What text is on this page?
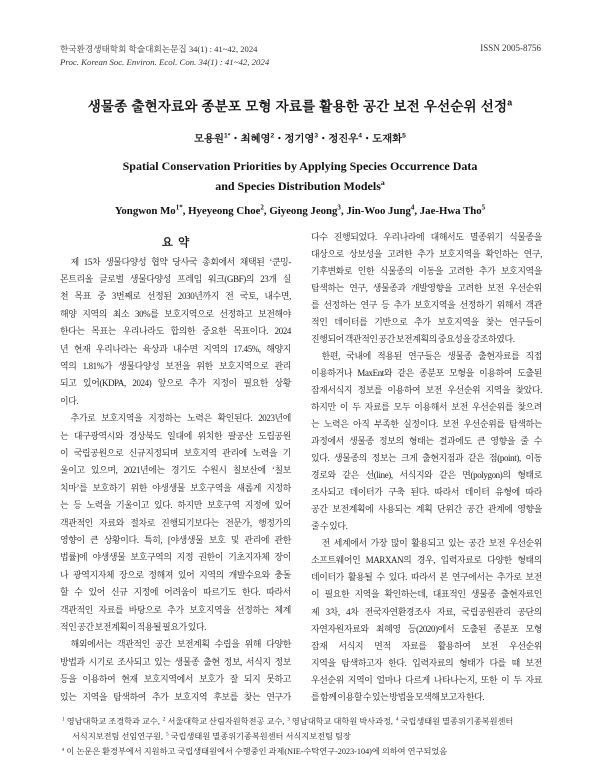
한국환경생태학회 학술대회논문집 34(1) : 41~42, 2024
Proc. Korean Soc. Environ. Ecol. Con. 34(1) : 41~42, 2024
ISSN 2005-8756
생물종 출현자료와 종분포 모형 자료를 활용한 공간 보전 우선순위 선정$^a$
모용원$^{1*}$・최혜영$^2$・정기영$^3$・정진우$^4$・도재화$^5$
Spatial Conservation Priorities by Applying Species Occurrence Data
and Species Distribution Models$^a$
Yongwon $Mo^{1*}$, Hyeyeong Choe$^2$, Giyeong Jeong$^3$, Jin-Woo Jung$^4$, Jae-Hwa Tho$^5$
요 약
제 15차 생물다양성 협약 당사국 총회에서 채택된 ‘쿤밍-
몬트리올 글로벌 생물다양성 프레임 워크(GBF)의 23개 실
천 목표 중 3번째로 선정된 2030년까지 전 국토, 내수면,
해양 지역의 최소 30%를 보호지역으로 선정하고 보전해야
한다는 목표는 우리나라도 합의한 중요한 목표이다. 2024
년 현재 우리나라는 육상과 내수면 지역의 17.45%, 해양지
역의 1.81%가 생물다양성 보전을 위한 보호지역으로 관리
되고 있어(KDPA, 2024) 앞으로 추가 지정이 필요한 상황
이다.
추가로 보호지역을 지정하는 노력은 확인된다. 2023년에
는 대구광역시와 경상북도 일대에 위치한 팔공산 도립공원
이 국립공원으로 신규지정되며 보호지역 관리에 노력을 기
울이고 있으며, 2021년에는 경기도 수원시 칠보산에 ‘칠보
치마’를 보호하기 위한 야생생물 보호구역을 새롭게 지정하
는 등 노력을 기울이고 있다. 하지만 보호구역 지정에 있어
객관적인 자료와 절차로 진행되기보다는 전문가, 행정가의
영향이 큰 상황이다. 특히, [야생생물 보호 및 관리에 관한
법률]에 야생생물 보호구역의 지정 권한이 기초지자체 장이
나 광역지자체 장으로 정해져 있어 지역의 개발수요와 충돌
할 수 있어 신규 지정에 어려움이 따르기도 한다. 따라서
객관적인 자료를 바탕으로 추가 보호지역을 선정하는 체계
적인 공간 보전계획이 적용될 필요가 있다.
해외에서는 객관적인 공간 보전계획 수립을 위해 다양한
방법과 시기로 조사되고 있는 생물종 출현 정보, 서식지 정보
등을 이용하여 현재 보호지역에서 보호가 잘 되지 못하고
있는 지역을 탐색하여 추가 보호지역 후보를 찾는 연구가
다수 진행되었다. 우리나라에 대해서도 멸종위기 식물종을
대상으로 상보성을 고려한 추가 보호지역을 확인하는 연구,
기후변화로 인한 식물종의 이동을 고려한 추가 보호지역을
탐색하는 연구, 생물종과 개발영향을 고려한 보전 우선순위
를 선정하는 연구 등 추가 보호지역을 선정하기 위해서 객관
적인 데이터를 기반으로 추가 보호지역을 찾는 연구들이
진행되어 객관적인 공간 보전계획의 중요성을 강조하였다.
한편, 국내에 적용된 연구들은 생물종 출현자료를 직접
이용하거나 MaxEnt와 같은 종분포 모형을 이용하여 도출된
잠재서식지 정보를 이용하여 보전 우선순위 지역을 찾았다.
하지만 이 두 자료를 모두 이용해서 보전 우선순위를 찾으려
는 노력은 아직 부족한 실정이다. 보전 우선순위를 탐색하는
과정에서 생물종 정보의 형태는 결과에도 큰 영향을 줄 수
있다. 생물종의 정보는 크게 출현지점과 같은 점(point), 이동
경로와 같은 선(line), 서식지와 같은 면(polygon)의 형태로
조사되고 데이터가 구축 된다. 따라서 데이터 유형에 따라
공간 보전계획에 사용되는 계획 단위간 공간 관계에 영향을
줄 수 있다.
전 세계에서 가장 많이 활용되고 있는 공간 보전 우선순위
소프트웨어인 MARXAN의 경우, 입력자료로 다양한 형태의
데이터가 활용될 수 있다. 따라서 본 연구에서는 추가로 보전
이 필요한 지역을 확인하는데, 대표적인 생물종 출현자료인
제 3차, 4차 전국자연환경조사 자료, 국립공원관리 공단의
자연자원자료와 최혜영 등(2020)에서 도출된 종분포 모형
잠재 서식지 면적 자료를 활용하여 보전 우선순위
지역을 탐색하고자 한다. 입력자료의 형태가 다를 때 보전
우선순위 지역이 얼마나 다르게 나타나는지, 또한 이 두 자료
를 함께 이용할 수 있는 방법을 모색해 보고자 한다.
$^1$ 영남대학교 조경학과 교수, $^2$ 서울대학교 산림자원학전공 교수, $^3$ 영남대학교 대학원 박사과정, $^4$ 국립생태원 멸종위기종복원센터
서식지보전팀 선임연구원, $^5$ 국립생태원 멸종위기종복원센터 서식지보전팀 팀장
$^a$ 이 논문은 환경부에서 지원하고 국립생태원에서 수행중인 과제(NIE-수탁연구-2023-104)에 의하여 연구되었음
